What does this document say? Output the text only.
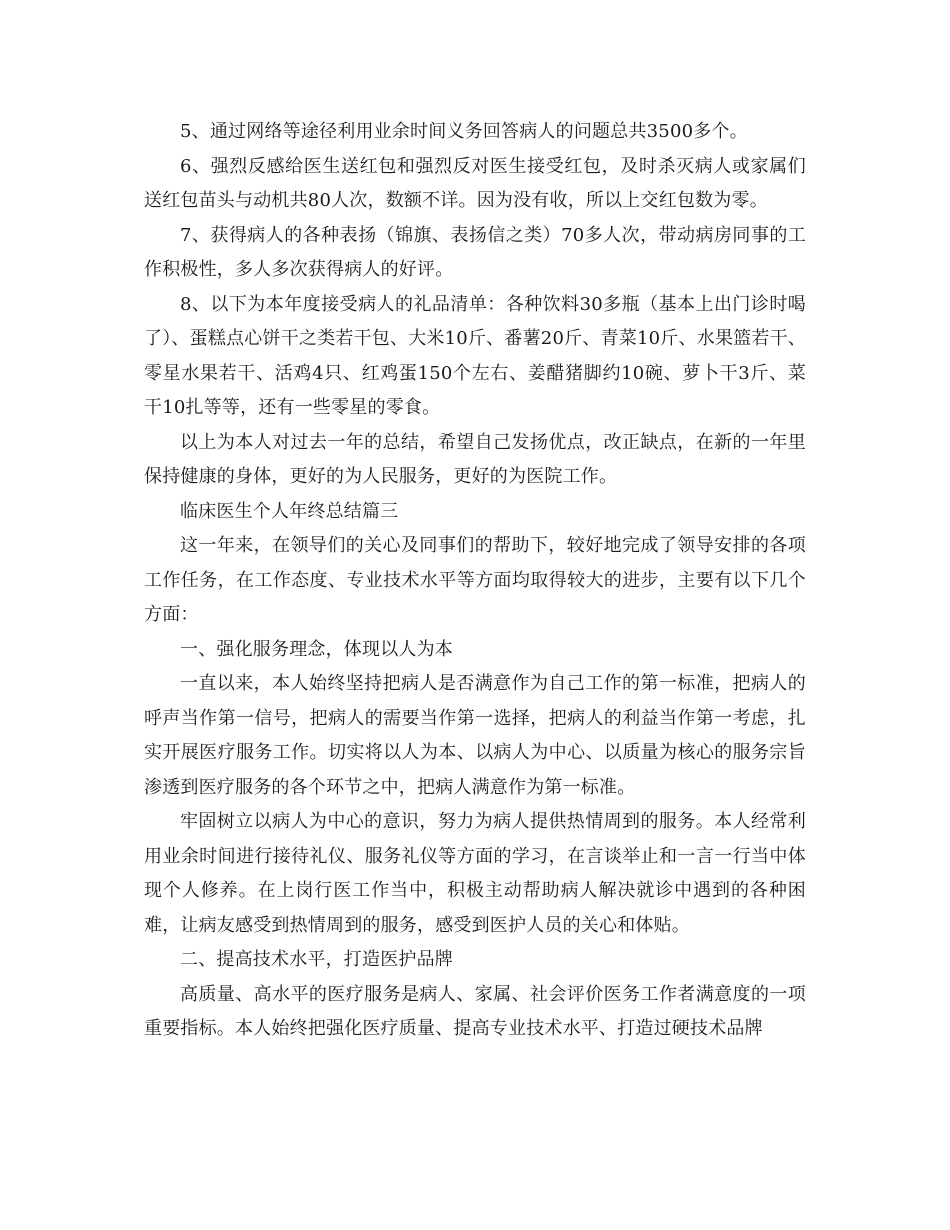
5、通过网络等途径利用业余时间义务回答病人的问题总共3500多个。

6、强烈反感给医生送红包和强烈反对医生接受红包，及时杀灭病人或家属们送红包苗头与动机共80人次，数额不详。因为没有收，所以上交红包数为零。

7、获得病人的各种表扬（锦旗、表扬信之类）70多人次，带动病房同事的工作积极性，多人多次获得病人的好评。

8、以下为本年度接受病人的礼品清单：各种饮料30多瓶（基本上出门诊时喝了）、蛋糕点心饼干之类若干包、大米10斤、番薯20斤、青菜10斤、水果篮若干、零星水果若干、活鸡4只、红鸡蛋150个左右、姜醋猪脚约10碗、萝卜干3斤、菜干10扎等等，还有一些零星的零食。

以上为本人对过去一年的总结，希望自己发扬优点，改正缺点，在新的一年里保持健康的身体，更好的为人民服务，更好的为医院工作。

临床医生个人年终总结篇三

这一年来，在领导们的关心及同事们的帮助下，较好地完成了领导安排的各项工作任务，在工作态度、专业技术水平等方面均取得较大的进步，主要有以下几个方面：

一、强化服务理念，体现以人为本

一直以来，本人始终坚持把病人是否满意作为自己工作的第一标准，把病人的呼声当作第一信号，把病人的需要当作第一选择，把病人的利益当作第一考虑，扎实开展医疗服务工作。切实将以人为本、以病人为中心、以质量为核心的服务宗旨渗透到医疗服务的各个环节之中，把病人满意作为第一标准。

牢固树立以病人为中心的意识，努力为病人提供热情周到的服务。本人经常利用业余时间进行接待礼仪、服务礼仪等方面的学习，在言谈举止和一言一行当中体现个人修养。在上岗行医工作当中，积极主动帮助病人解决就诊中遇到的各种困难，让病友感受到热情周到的服务，感受到医护人员的关心和体贴。

二、提高技术水平，打造医护品牌

高质量、高水平的医疗服务是病人、家属、社会评价医务工作者满意度的一项重要指标。本人始终把强化医疗质量、提高专业技术水平、打造过硬技术品牌
